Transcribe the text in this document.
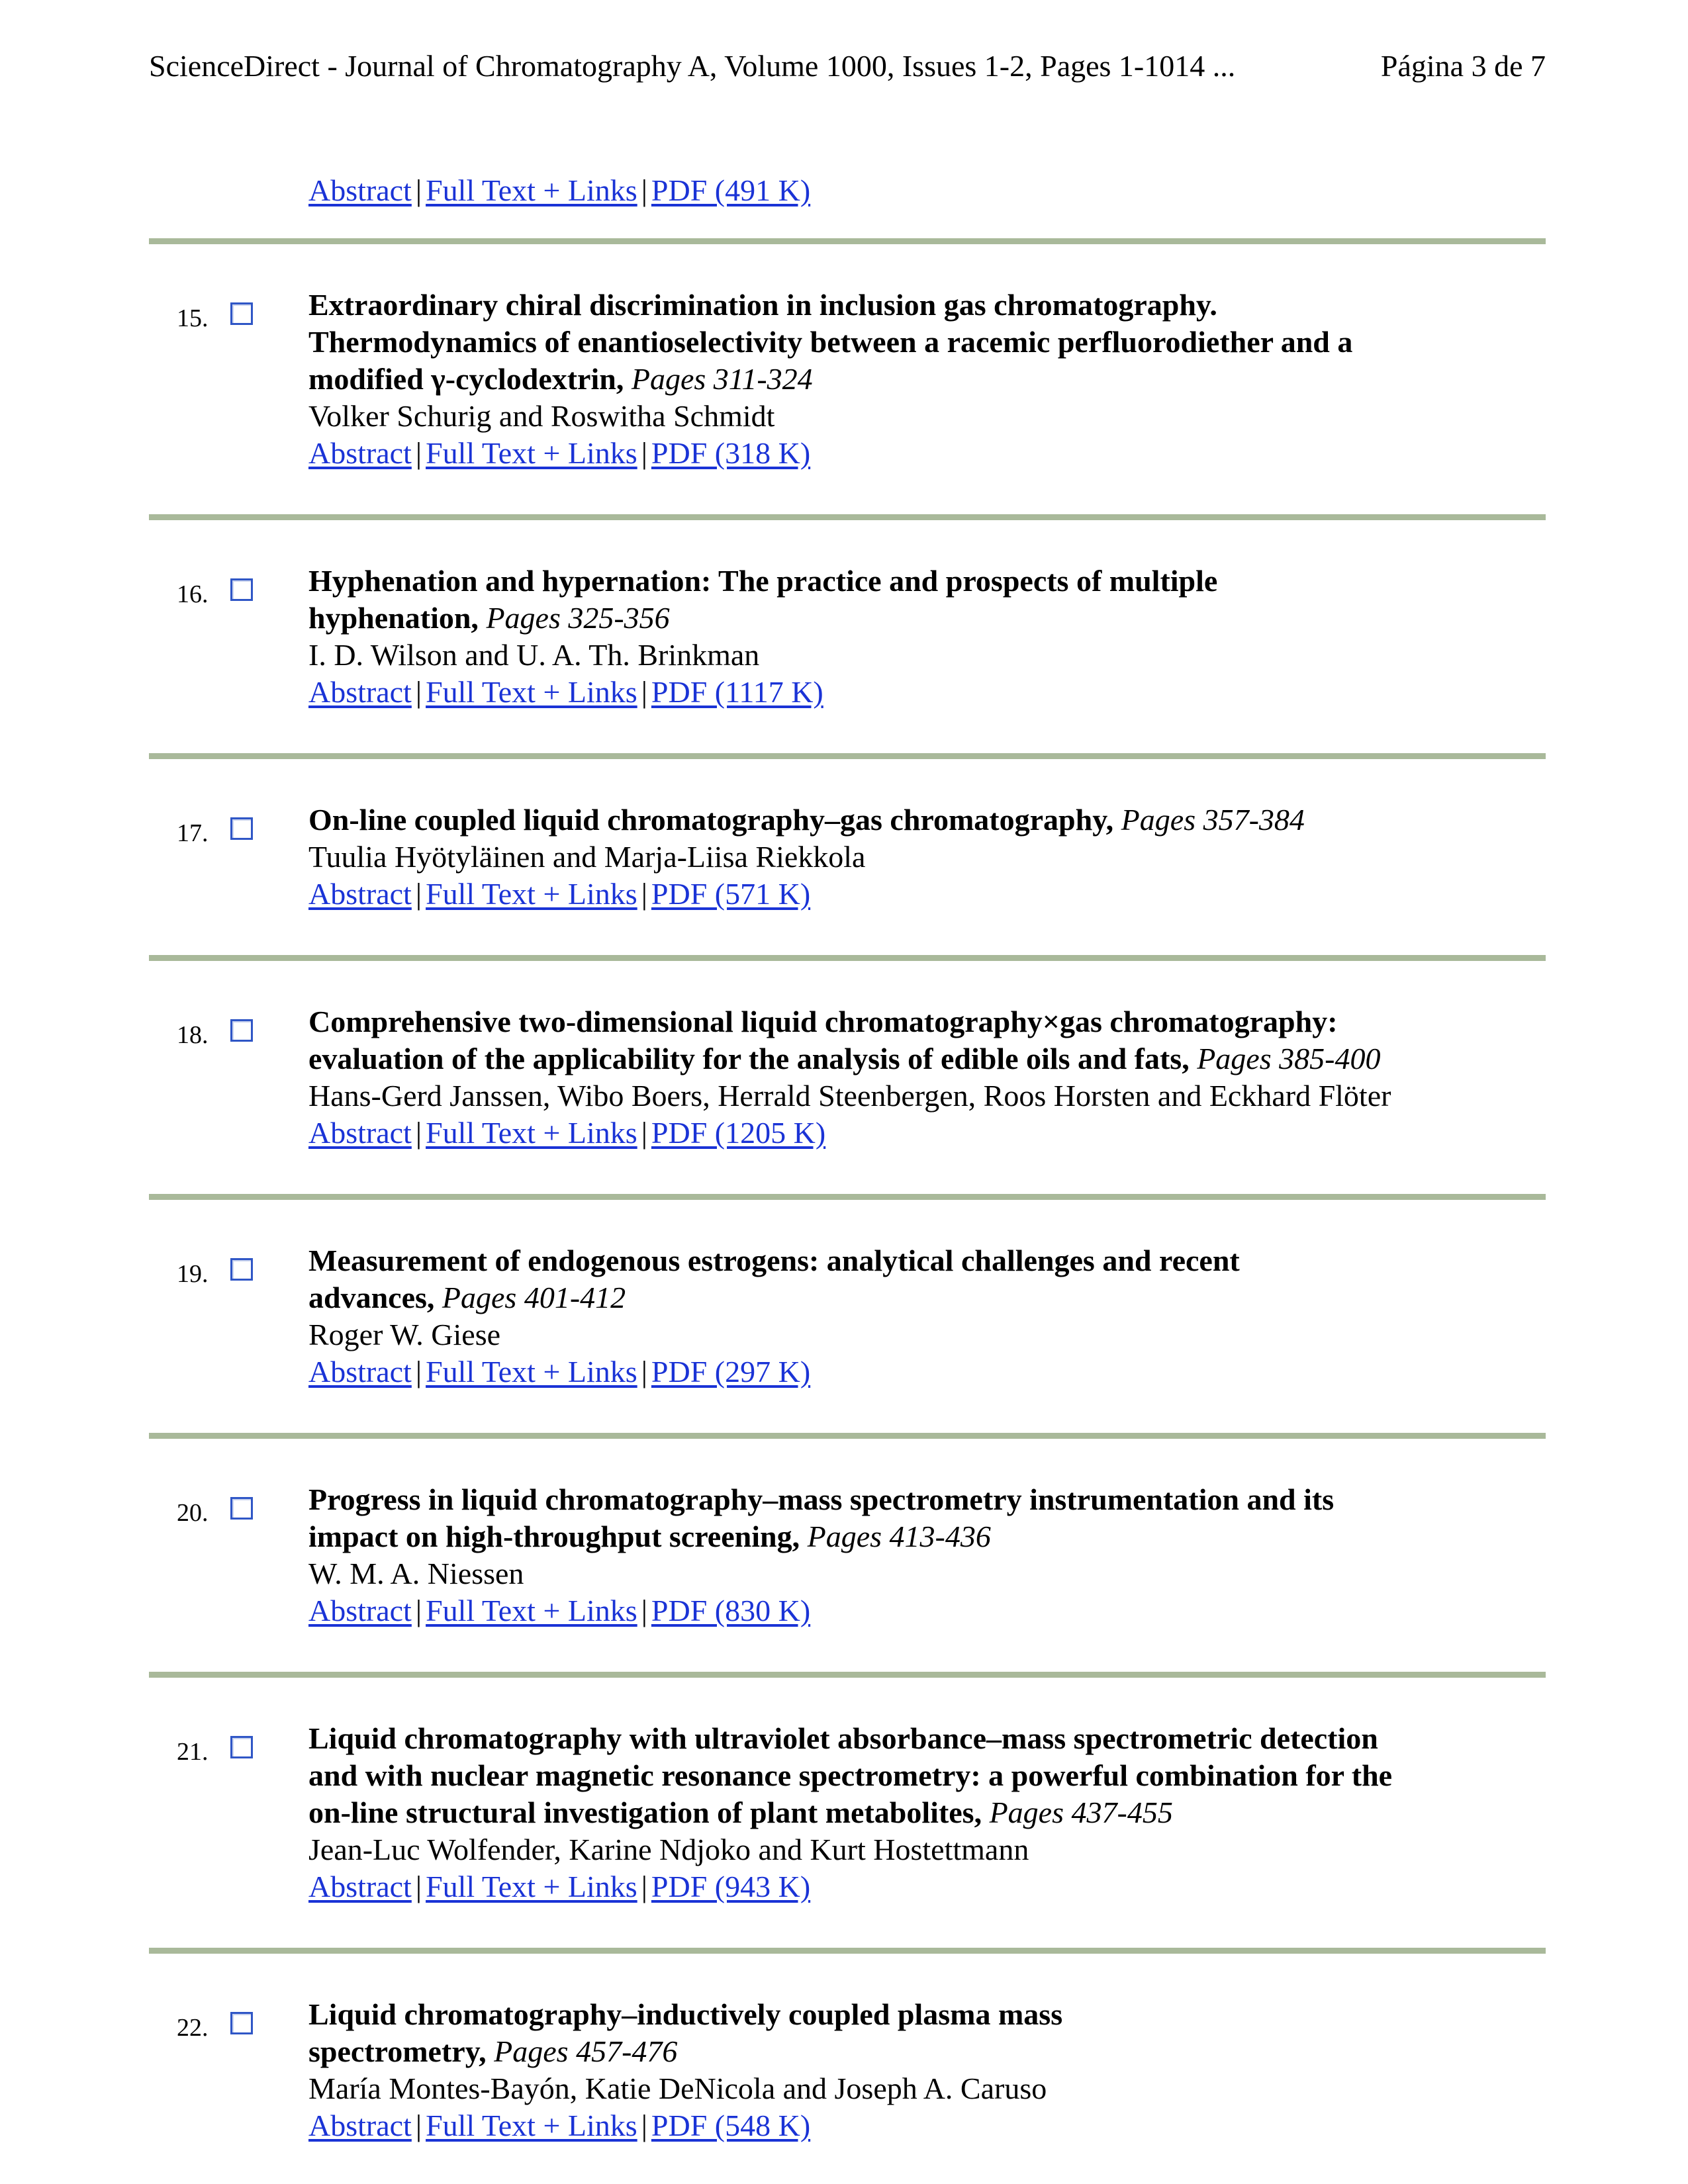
ScienceDirect - Journal of Chromatography A, Volume 1000, Issues 1-2, Pages 1-1014 ...	Página 3 de 7
Abstract | Full Text + Links | PDF (491 K)
15.	Extraordinary chiral discrimination in inclusion gas chromatography.
Thermodynamics of enantioselectivity between a racemic perfluorodiether and a
modified γ-cyclodextrin, Pages 311-324
Volker Schurig and Roswitha Schmidt
Abstract | Full Text + Links | PDF (318 K)
16.	Hyphenation and hypernation: The practice and prospects of multiple
hyphenation, Pages 325-356
I. D. Wilson and U. A. Th. Brinkman
Abstract | Full Text + Links | PDF (1117 K)
17.	On-line coupled liquid chromatography–gas chromatography, Pages 357-384
Tuulia Hyötyläinen and Marja-Liisa Riekkola
Abstract | Full Text + Links | PDF (571 K)
18.	Comprehensive two-dimensional liquid chromatography×gas chromatography:
evaluation of the applicability for the analysis of edible oils and fats, Pages 385-400
Hans-Gerd Janssen, Wibo Boers, Herrald Steenbergen, Roos Horsten and Eckhard Flöter
Abstract | Full Text + Links | PDF (1205 K)
19.	Measurement of endogenous estrogens: analytical challenges and recent
advances, Pages 401-412
Roger W. Giese
Abstract | Full Text + Links | PDF (297 K)
20.	Progress in liquid chromatography–mass spectrometry instrumentation and its
impact on high-throughput screening, Pages 413-436
W. M. A. Niessen
Abstract | Full Text + Links | PDF (830 K)
21.	Liquid chromatography with ultraviolet absorbance–mass spectrometric detection
and with nuclear magnetic resonance spectrometry: a powerful combination for the
on-line structural investigation of plant metabolites, Pages 437-455
Jean-Luc Wolfender, Karine Ndjoko and Kurt Hostettmann
Abstract | Full Text + Links | PDF (943 K)
22.	Liquid chromatography–inductively coupled plasma mass
spectrometry, Pages 457-476
María Montes-Bayón, Katie DeNicola and Joseph A. Caruso
Abstract | Full Text + Links | PDF (548 K)
